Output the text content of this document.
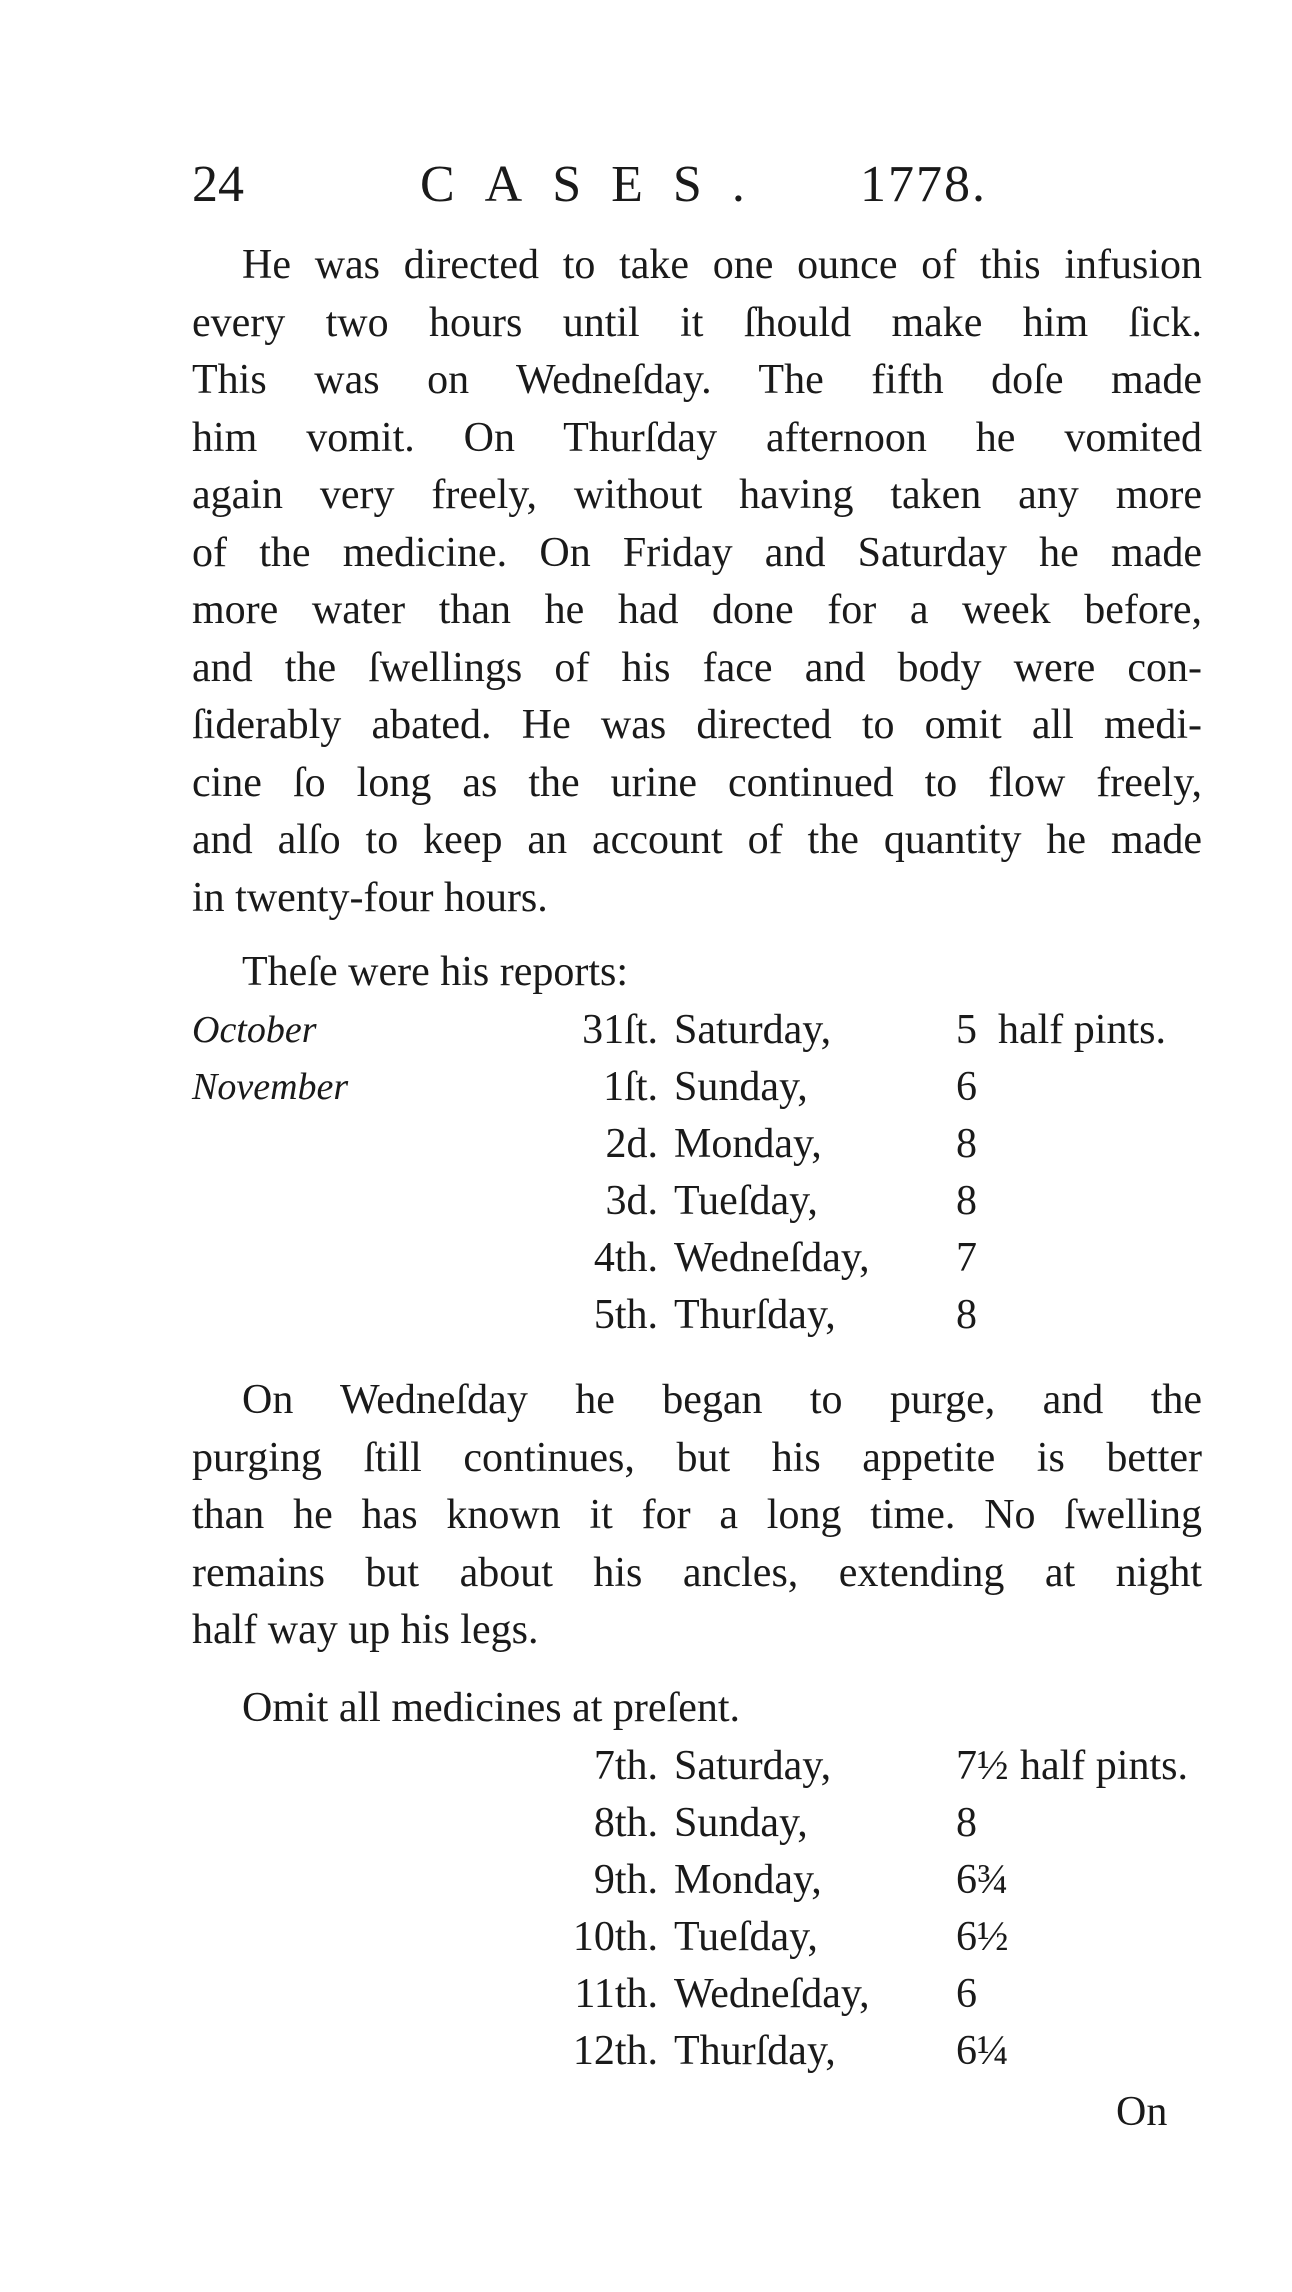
24	CASES. 1778.
He was directed to take one ounce of this infusion
every two hours until it ſhould make him ſick.
This was on Wedneſday. The fifth doſe made
him vomit. On Thurſday afternoon he vomited
again very freely, without having taken any more
of the medicine. On Friday and Saturday he made
more water than he had done for a week before,
and the ſwellings of his face and body were con-
ſiderably abated. He was directed to omit all medi-
cine ſo long as the urine continued to flow freely,
and alſo to keep an account of the quantity he made
in twenty-four hours.
Theſe were his reports:
October	31ſt. Saturday,	5 half pints.
November	1ſt. Sunday,	6
2d. Monday,	8
3d. Tueſday,	8
4th. Wedneſday, 7
5th. Thurſday,	8
On Wedneſday he began to purge, and the
purging ſtill continues, but his appetite is better
than he has known it for a long time. No ſwelling
remains but about his ancles, extending at night
half way up his legs.
Omit all medicines at preſent.
7th. Saturday,	7½ half pints.
8th. Sunday,	8
9th. Monday,	6¾
10th. Tueſday,	6½
11th. Wedneſday, 6
12th. Thurſday,	6¼
On
